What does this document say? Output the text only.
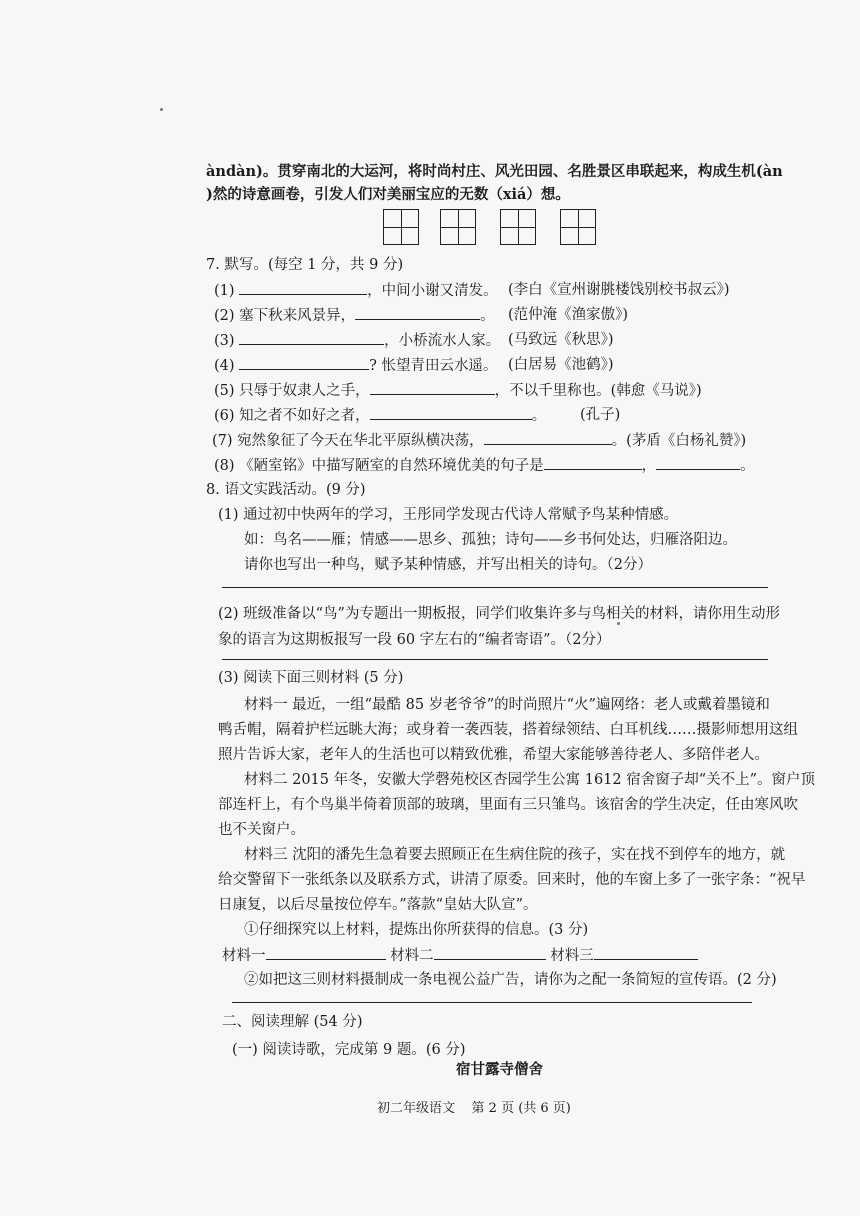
àndàn)。贯穿南北的大运河，将时尚村庄、风光田园、名胜景区串联起来，构成生机(àn
)然的诗意画卷，引发人们对美丽宝应的无数（xiá）想。
7. 默写。(每空 1 分，共 9 分)
(1)	，中间小谢又清发。 (李白《宣州谢朓楼饯别校书叔云》)
(2) 塞下秋来风景异，	。 (范仲淹《渔家傲》)
(3)	，小桥流水人家。 (马致远《秋思》)
(4)	? 怅望青田云水遥。 (白居易《池鹤》)
(5) 只辱于奴隶人之手，	，不以千里称也。(韩愈《马说》)
(6) 知之者不如好之者，	。 (孔子)
(7) 宛然象征了今天在华北平原纵横决荡，	。(茅盾《白杨礼赞》)
(8) 《陋室铭》中描写陋室的自然环境优美的句子是	，	。
8. 语文实践活动。(9 分)
(1) 通过初中快两年的学习，王彤同学发现古代诗人常赋予鸟某种情感。
如：鸟名——雁；情感——思乡、孤独；诗句——乡书何处达，归雁洛阳边。
请你也写出一种鸟，赋予某种情感，并写出相关的诗句。（2分）
(2) 班级准备以“鸟”为专题出一期板报，同学们收集许多与鸟相关的材料，请你用生动形
象的语言为这期板报写一段 60 字左右的“编者寄语”。（2分）
(3) 阅读下面三则材料 (5 分)
材料一 最近，一组“最酷 85 岁老爷爷”的时尚照片“火”遍网络：老人或戴着墨镜和
鸭舌帽，隔着护栏远眺大海；或身着一袭西装，搭着绿领结、白耳机线……摄影师想用这组
照片告诉大家，老年人的生活也可以精致优雅，希望大家能够善待老人、多陪伴老人。
材料二 2015 年冬，安徽大学磬苑校区杏园学生公寓 1612 宿舍窗子却“关不上”。窗户顶
部连杆上，有个鸟巢半倚着顶部的玻璃，里面有三只雏鸟。该宿舍的学生决定，任由寒风吹
也不关窗户。
材料三 沈阳的潘先生急着要去照顾正在生病住院的孩子，实在找不到停车的地方，就
给交警留下一张纸条以及联系方式，讲清了原委。回来时，他的车窗上多了一张字条：“祝早
日康复，以后尽量按位停车。”落款“皇姑大队宣”。
①仔细探究以上材料，提炼出你所获得的信息。(3 分)
材料一	材料二	材料三
②如把这三则材料摄制成一条电视公益广告，请你为之配一条简短的宣传语。(2 分)
二、阅读理解 (54 分)
(一) 阅读诗歌，完成第 9 题。(6 分)
宿甘露寺僧舍
初二年级语文    第 2 页 (共 6 页)
